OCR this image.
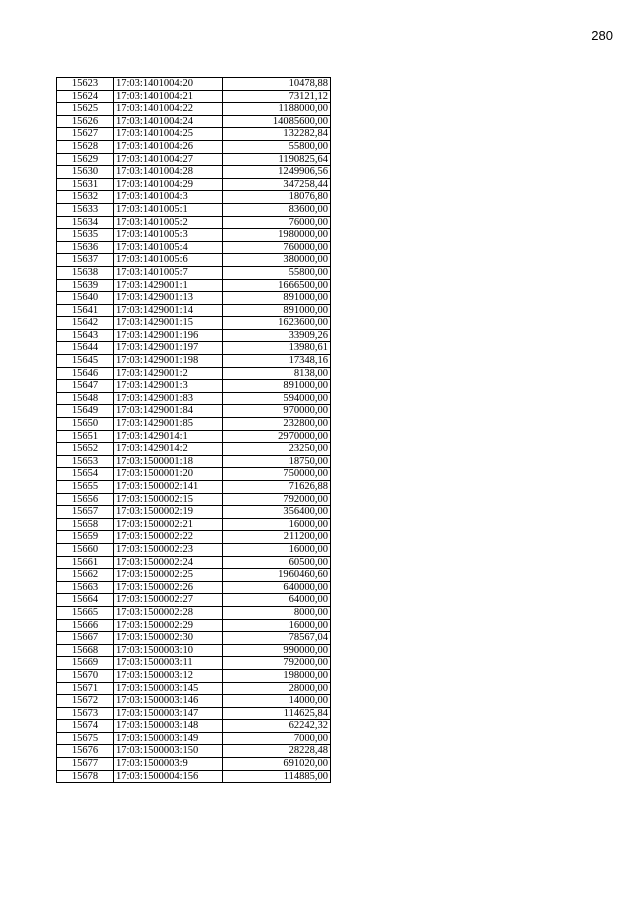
280
15623	17:03:1401004:20	10478,88
15624	17:03:1401004:21	73121,12
15625	17:03:1401004:22	1188000,00
15626	17:03:1401004:24	14085600,00
15627	17:03:1401004:25	132282,84
15628	17:03:1401004:26	55800,00
15629	17:03:1401004:27	1190825,64
15630	17:03:1401004:28	1249906,56
15631	17:03:1401004:29	347258,44
15632	17:03:1401004:3	18076,80
15633	17:03:1401005:1	83600,00
15634	17:03:1401005:2	76000,00
15635	17:03:1401005:3	1980000,00
15636	17:03:1401005:4	760000,00
15637	17:03:1401005:6	380000,00
15638	17:03:1401005:7	55800,00
15639	17:03:1429001:1	1666500,00
15640	17:03:1429001:13	891000,00
15641	17:03:1429001:14	891000,00
15642	17:03:1429001:15	1623600,00
15643	17:03:1429001:196	33909,26
15644	17:03:1429001:197	13980,61
15645	17:03:1429001:198	17348,16
15646	17:03:1429001:2	8138,00
15647	17:03:1429001:3	891000,00
15648	17:03:1429001:83	594000,00
15649	17:03:1429001:84	970000,00
15650	17:03:1429001:85	232800,00
15651	17:03:1429014:1	2970000,00
15652	17:03:1429014:2	23250,00
15653	17:03:1500001:18	18750,00
15654	17:03:1500001:20	750000,00
15655	17:03:1500002:141	71626,88
15656	17:03:1500002:15	792000,00
15657	17:03:1500002:19	356400,00
15658	17:03:1500002:21	16000,00
15659	17:03:1500002:22	211200,00
15660	17:03:1500002:23	16000,00
15661	17:03:1500002:24	60500,00
15662	17:03:1500002:25	1960460,60
15663	17:03:1500002:26	640000,00
15664	17:03:1500002:27	64000,00
15665	17:03:1500002:28	8000,00
15666	17:03:1500002:29	16000,00
15667	17:03:1500002:30	78567,04
15668	17:03:1500003:10	990000,00
15669	17:03:1500003:11	792000,00
15670	17:03:1500003:12	198000,00
15671	17:03:1500003:145	28000,00
15672	17:03:1500003:146	14000,00
15673	17:03:1500003:147	114625,84
15674	17:03:1500003:148	62242,32
15675	17:03:1500003:149	7000,00
15676	17:03:1500003:150	28228,48
15677	17:03:1500003:9	691020,00
15678	17:03:1500004:156	114885,00
